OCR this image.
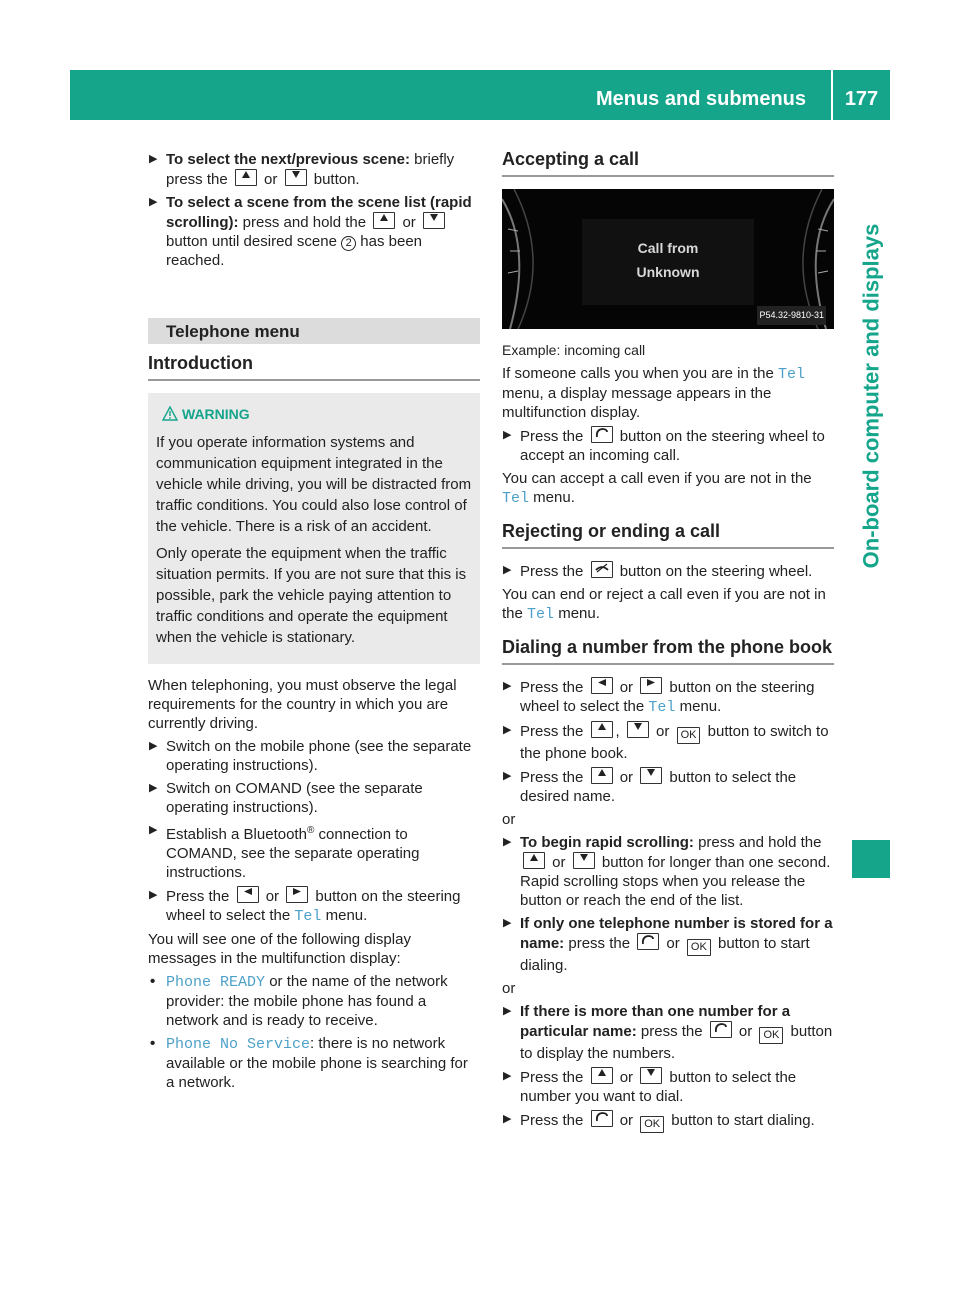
Menus and submenus	177
On-board computer and displays
▶ To select the next/previous scene: briefly press the
or
button.
▶ To select a scene from the scene list (rapid scrolling): press and hold the
or
button until desired scene 2 has been reached.
Telephone menu
Introduction
WARNING

If you operate information systems and communication equipment integrated in the vehicle while driving, you will be distracted from traffic conditions. You could also lose control of the vehicle. There is a risk of an accident.

Only operate the equipment when the traffic situation permits. If you are not sure that this is possible, park the vehicle paying attention to traffic conditions and operate the equipment when the vehicle is stationary.

When telephoning, you must observe the legal requirements for the country in which you are currently driving.

▶ Switch on the mobile phone (see the separate operating instructions).
▶ Switch on COMAND (see the separate operating instructions).
▶ Establish a Bluetooth® connection to COMAND, see the separate operating instructions.
▶ Press the
or
button on the steering wheel to select the Tel menu.

You will see one of the following display messages in the multifunction display:

• Phone READY or the name of the network provider: the mobile phone has found a network and is ready to receive.
• Phone No Service: there is no network available or the mobile phone is searching for a network.
Accepting a call
Call from
Unknown
P54.32-9810-31

Example: incoming call

If someone calls you when you are in the Tel menu, a display message appears in the multifunction display.

▶ Press the
button on the steering wheel to accept an incoming call.

You can accept a call even if you are not in the Tel menu.

Rejecting or ending a call
▶ Press the
button on the steering wheel.

You can end or reject a call even if you are not in the Tel menu.

Dialing a number from the phone book
▶ Press the
or
button on the steering wheel to select the Tel menu.
▶ Press the
,
or OK button to switch to the phone book.
▶ Press the
or
button to select the desired name.

or

▶ To begin rapid scrolling: press and hold the
or
button for longer than one second.
Rapid scrolling stops when you release the button or reach the end of the list.
▶ If only one telephone number is stored for a name: press the
or OK button to start dialing.

or

▶ If there is more than one number for a particular name: press the
or OK button to display the numbers.
▶ Press the
or
button to select the number you want to dial.
▶ Press the
or OK button to start dialing.
